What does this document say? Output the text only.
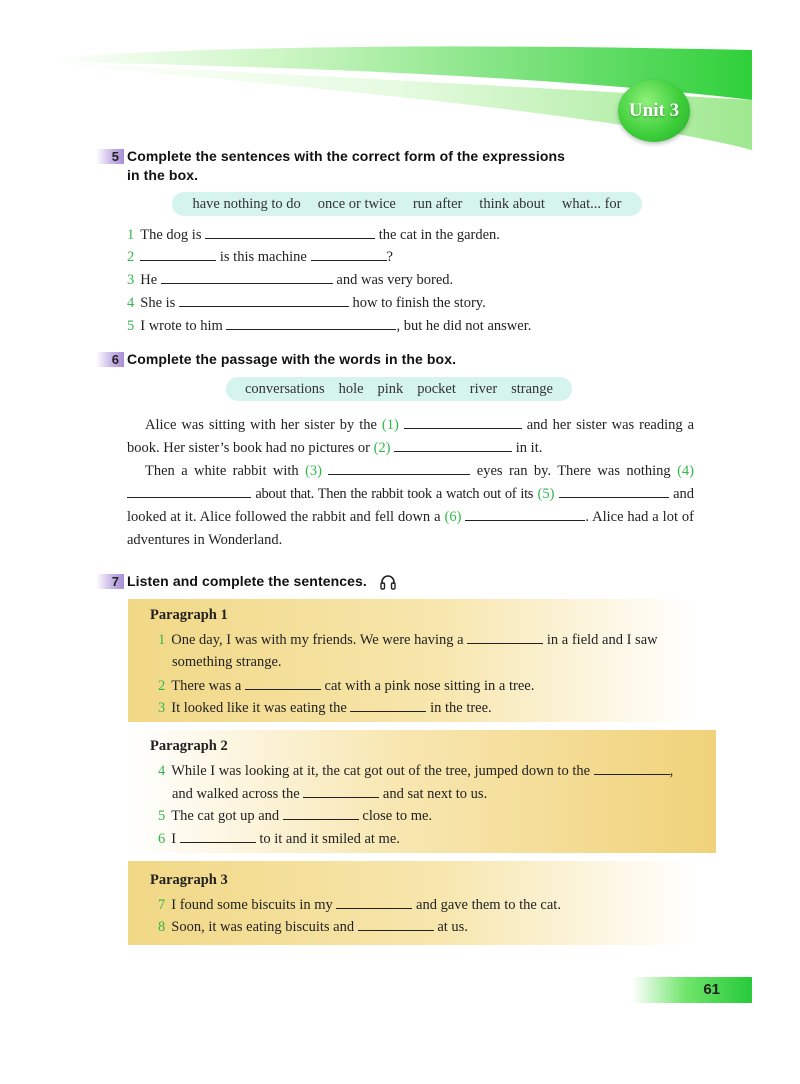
Unit 3
5 Complete the sentences with the correct form of the expressions
in the box.
have nothing to do once or twice run after think about what... for
1 The dog is	the cat in the garden.
2	is this machine	?
3 He	and was very bored.
4 She is	how to finish the story.
5 I wrote to him	, but he did not answer.
6 Complete the passage with the words in the box.
conversations hole pink pocket river strange
Alice was sitting with her sister by the (1)	and her sister was reading a book. Her sister’s book had no pictures or (2)	in it.
Then a white rabbit with (3)	eyes ran by. There was nothing (4) about that. Then the rabbit took a watch out of its (5)	and looked at it. Alice followed the rabbit and fell down a (6)	. Alice had a lot of adventures in Wonderland.
7 Listen and complete the sentences.
Paragraph 1
1 One day, I was with my friends. We were having a	in a field and I saw
something strange.
2 There was a	cat with a pink nose sitting in a tree.
3 It looked like it was eating the	in the tree.
Paragraph 2
4 While I was looking at it, the cat got out of the tree, jumped down to the	,
and walked across the	and sat next to us.
5 The cat got up and	close to me.
6 I	to it and it smiled at me.
Paragraph 3
7 I found some biscuits in my	and gave them to the cat.
8 Soon, it was eating biscuits and	at us.
61
